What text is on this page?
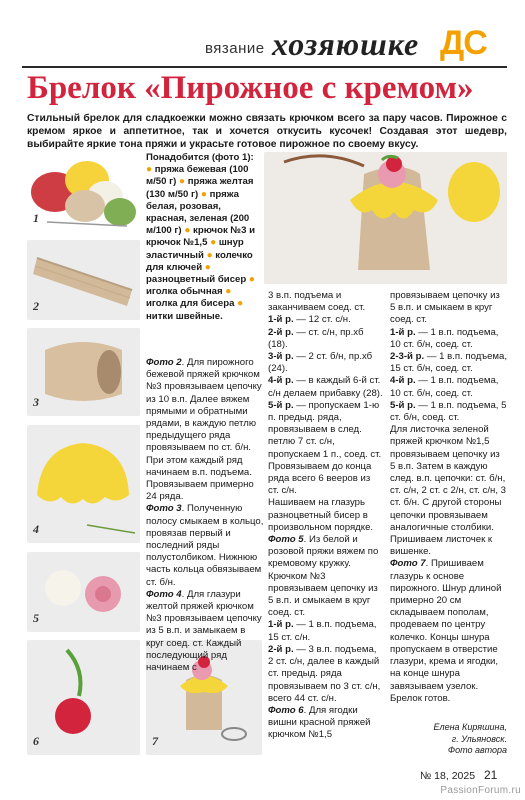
вязание хозяюшке ДС
Брелок «Пирожное с кремом»
Стильный брелок для сладкоежки можно связать крючком всего за пару часов. Пирожное с кремом яркое и аппетитное, так и хочется откусить кусочек! Создавая этот шедевр, выбирайте яркие тона пряжи и украсьте готовое пирожное по своему вкусу.
1
2
3
4
5
6	7

Понадобится (фото 1): ● пряжа бежевая (100 м/50 г) ● пряжа желтая (130 м/50 г) ● пряжа белая, розовая, красная, зеленая (200 м/100 г) ● крючок №3 и крючок №1,5 ● шнур эластичный ● колечко для ключей ● разноцветный бисер ● иголка обычная ● иголка для бисера ● нитки швейные.

Фото 2. Для пирожного бежевой пряжей крючком №3 провязываем цепочку из 10 в.п. Далее вяжем прямыми и обратными рядами, в каждую петлю предыдущего ряда провязываем по ст. б/н. При этом каждый ряд начинаем в.п. подъема. Провязываем примерно 24 ряда.

Фото 3. Полученную полосу смыкаем в кольцо, провязав первый и последний ряды полустолбиком. Нижнюю часть кольца обвязываем ст. б/н.

Фото 4. Для глазури желтой пряжей крючком №3 провязываем цепочку из 5 в.п. и замыкаем в круг соед. ст. Каждый последующий ряд начинаем с

3 в.п. подъема и заканчиваем соед. ст.

1-й р. — 12 ст. с/н.

2-й р. — ст. с/н, пр.хб (18).

3-й р. — 2 ст. б/н, пр.хб (24).

4-й р. — в каждый 6-й ст. с/н делаем прибавку (28).

5-й р. — пропускаем 1-ю п. предыд. ряда, провязываем в след. петлю 7 ст. с/н, пропускаем 1 п., соед. ст. Провязываем до конца ряда всего 6 вееров из ст. с/н.

Нашиваем на глазурь разноцветный бисер в произвольном порядке.

Фото 5. Из белой и розовой пряжи вяжем по кремовому кружку. Крючком №3 провязываем цепочку из 5 в.п. и смыкаем в круг соед. ст.

1-й р. — 1 в.п. подъема, 15 ст. с/н.

2-й р. — 3 в.п. подъема, 2 ст. с/н, далее в каждый ст. предыд. ряда провязываем по 3 ст. с/н, всего 44 ст. с/н.

Фото 6. Для ягодки вишни красной пряжей крючком №1,5

провязываем цепочку из 5 в.п. и смыкаем в круг соед. ст.

1-й р. — 1 в.п. подъема, 10 ст. б/н, соед. ст.

2-3-й р. — 1 в.п. подъема, 15 ст. б/н, соед. ст.

4-й р. — 1 в.п. подъема, 10 ст. б/н, соед. ст.

5-й р. — 1 в.п. подъема, 5 ст. б/н, соед. ст.

Для листочка зеленой пряжей крючком №1,5 провязываем цепочку из 5 в.п. Затем в каждую след. в.п. цепочки: ст. б/н, ст. с/н, 2 ст. с 2/н, ст. с/н, 3 ст. б/н. С другой стороны цепочки провязываем аналогичные столбики. Пришиваем листочек к вишенке.

Фото 7. Пришиваем глазурь к основе пирожного. Шнур длиной примерно 20 см складываем пополам, продеваем по центру колечко. Концы шнура пропускаем в отверстие глазури, крема и ягодки, на конце шнура завязываем узелок. Брелок готов.

Елена Киряшина,
г. Ульяновск.
Фото автора
№ 18, 2025 21
PassionForum.ru
